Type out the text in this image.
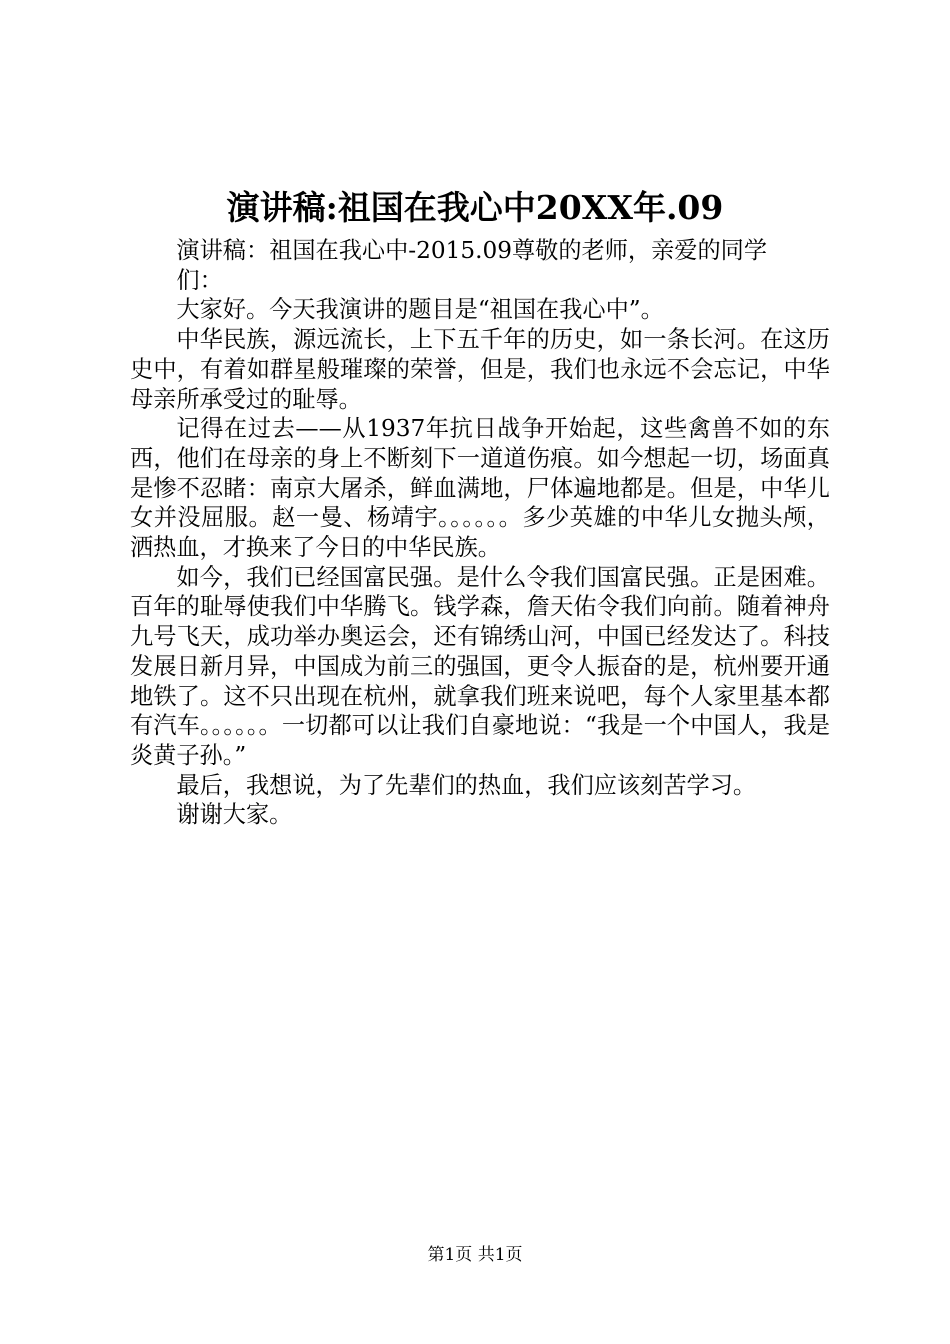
演讲稿:祖国在我心中20XX年.09

演讲稿：祖国在我心中-2015.09尊敬的老师，亲爱的同学们：

大家好。今天我演讲的题目是“祖国在我心中”。

中华民族，源远流长，上下五千年的历史，如一条长河。在这历史中，有着如群星般璀璨的荣誉，但是，我们也永远不会忘记，中华母亲所承受过的耻辱。

记得在过去——从1937年抗日战争开始起，这些禽兽不如的东西，他们在母亲的身上不断刻下一道道伤痕。如今想起一切，场面真是惨不忍睹：南京大屠杀，鲜血满地，尸体遍地都是。但是，中华儿女并没屈服。赵一曼、杨靖宇。。。。。。多少英雄的中华儿女抛头颅，洒热血，才换来了今日的中华民族。

如今，我们已经国富民强。是什么令我们国富民强。正是困难。百年的耻辱使我们中华腾飞。钱学森，詹天佑令我们向前。随着神舟九号飞天，成功举办奥运会，还有锦绣山河，中国已经发达了。科技发展日新月异，中国成为前三的强国，更令人振奋的是，杭州要开通地铁了。这不只出现在杭州，就拿我们班来说吧，每个人家里基本都有汽车。。。。。。一切都可以让我们自豪地说：“我是一个中国人，我是炎黄子孙。”

最后，我想说，为了先辈们的热血，我们应该刻苦学习。

谢谢大家。

第1页 共1页
